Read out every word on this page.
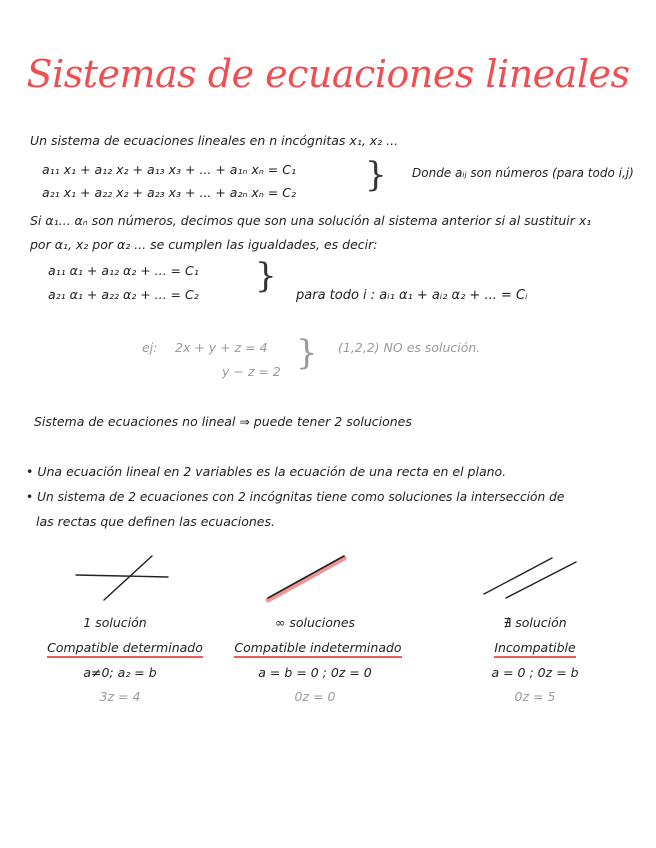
Sistemas de ecuaciones lineales
Un sistema de ecuaciones lineales en n incógnitas x₁, x₂ ...
a₁₁ x₁ + a₁₂ x₂ + a₁₃ x₃ + ... + a₁ₙ xₙ = C₁
a₂₁ x₁ + a₂₂ x₂ + a₂₃ x₃ + ... + a₂ₙ xₙ = C₂ } Donde aᵢⱼ son números (para todo i,j)
Si α₁... αₙ son números, decimos que son una solución al sistema anterior si al sustituir x₁
por α₁, x₂ por α₂ ... se cumplen las igualdades, es decir:
a₁₁ α₁ + a₁₂ α₂ + ... = C₁
a₂₁ α₁ + a₂₂ α₂ + ... = C₂ } para todo i : aᵢ₁ α₁ + aᵢ₂ α₂ + ... = Cᵢ
ej: 2x + y + z = 4
y − z = 2 } (1,2,2) NO es solución.
Sistema de ecuaciones no lineal ⇒ puede tener 2 soluciones
• Una ecuación lineal en 2 variables es la ecuación de una recta en el plano.
• Un sistema de 2 ecuaciones con 2 incógnitas tiene como soluciones la intersección de
las rectas que definen las ecuaciones.
1 solución
Compatible determinado
a≠0; a₂ = b
3z = 4
∞ soluciones
Compatible indeterminado
a = b = 0 ; 0z = 0
0z = 0
∄ solución
Incompatible
a = 0 ; 0z = b
0z = 5
